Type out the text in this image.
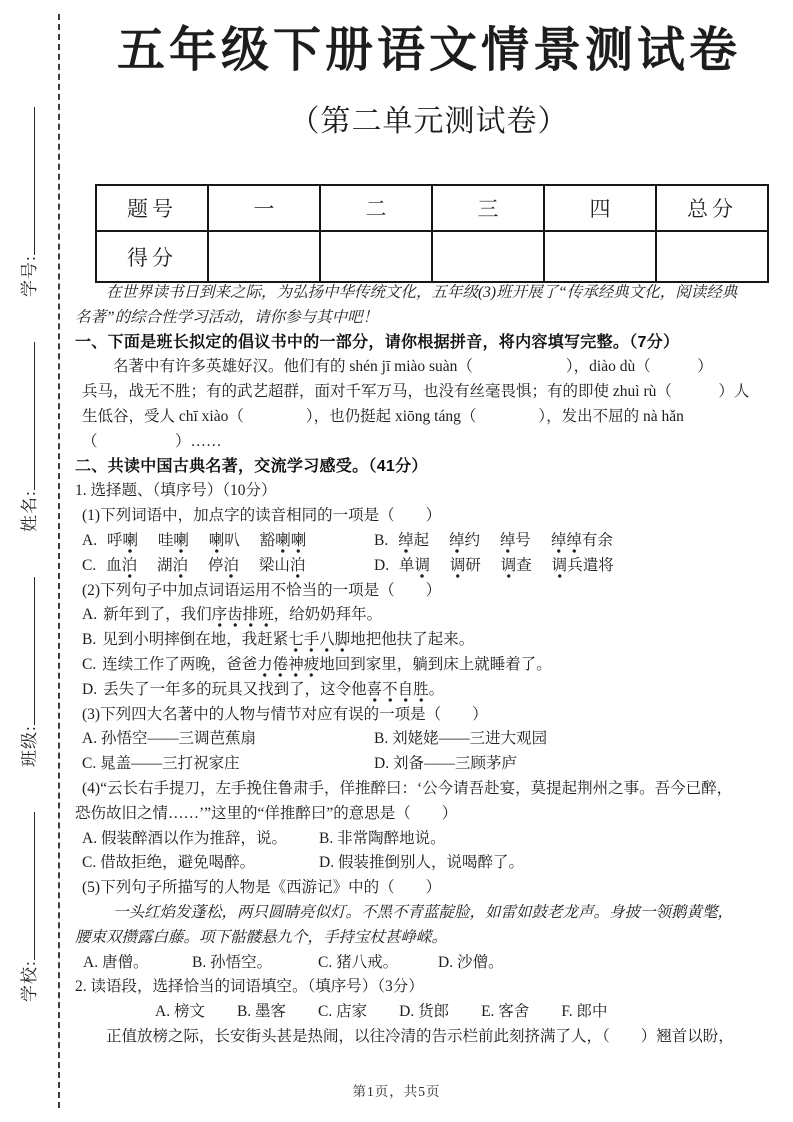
学校: 班级: 姓名: 学号:
五年级下册语文情景测试卷
（第二单元测试卷）
题号	一	二	三	四	总分
得分					
在世界读书日到来之际，为弘扬中华传统文化，五年级(3)班开展了“传承经典文化，阅读经典
名著”的综合性学习活动，请你参与其中吧！
一、下面是班长拟定的倡议书中的一部分，请你根据拼音，将内容填写完整。（7分）
名著中有许多英雄好汉。他们有的 shén jī miào suàn（　　　　　　），diào dù（　　　）
兵马，战无不胜；有的武艺超群，面对千军万马，也没有丝毫畏惧；有的即使 zhuì rù（　　　）人
生低谷，受人 chī xiào（　　　　），也仍挺起 xiōng táng（　　　　），发出不屈的 nà hǎn
（　　　　　）……
二、共读中国古典名著，交流学习感受。（41分）
1. 选择题、（填序号）（10分）
(1)下列词语中，加点字的读音相同的一项是（　　）
A. 呼喇 哇喇 喇叭 豁喇喇	B. 绰起 绰约 绰号 绰绰有余
C. 血泊 湖泊 停泊 梁山泊	D. 单调 调研 调查 调兵遣将
(2)下列句子中加点词语运用不恰当的一项是（　　）
A. 新年到了，我们序齿排班，给奶奶拜年。
B. 见到小明摔倒在地，我赶紧七手八脚地把他扶了起来。
C. 连续工作了两晚，爸爸力倦神疲地回到家里，躺到床上就睡着了。
D. 丢失了一年多的玩具又找到了，这令他喜不自胜。
(3)下列四大名著中的人物与情节对应有误的一项是（　　）
A. 孙悟空——三调芭蕉扇	B. 刘姥姥——三进大观园
C. 晁盖——三打祝家庄	D. 刘备——三顾茅庐
(4)“云长右手提刀，左手挽住鲁肃手，佯推醉曰：‘公今请吾赴宴，莫提起荆州之事。吾今已醉，
恐伤故旧之情……’”这里的“佯推醉曰”的意思是（　　）
A. 假装醉酒以作为推辞，说。	B. 非常陶醉地说。
C. 借故拒绝，避免喝醉。	D. 假装推倒别人，说喝醉了。
(5)下列句子所描写的人物是《西游记》中的（　　）
一头红焰发蓬松，两只圆睛亮似灯。不黑不青蓝靛脸，如雷如鼓老龙声。身披一领鹅黄氅，
腰束双攒露白藤。项下骷髅悬九个，手持宝杖甚峥嵘。
A. 唐僧。	B. 孙悟空。	C. 猪八戒。	D. 沙僧。
2. 读语段，选择恰当的词语填空。（填序号）（3分）
A. 榜文 B. 墨客 C. 店家 D. 货郎 E. 客舍 F. 郎中
正值放榜之际，长安街头甚是热闹，以往冷清的告示栏前此刻挤满了人，（　　）翘首以盼，
第1页，共5页
